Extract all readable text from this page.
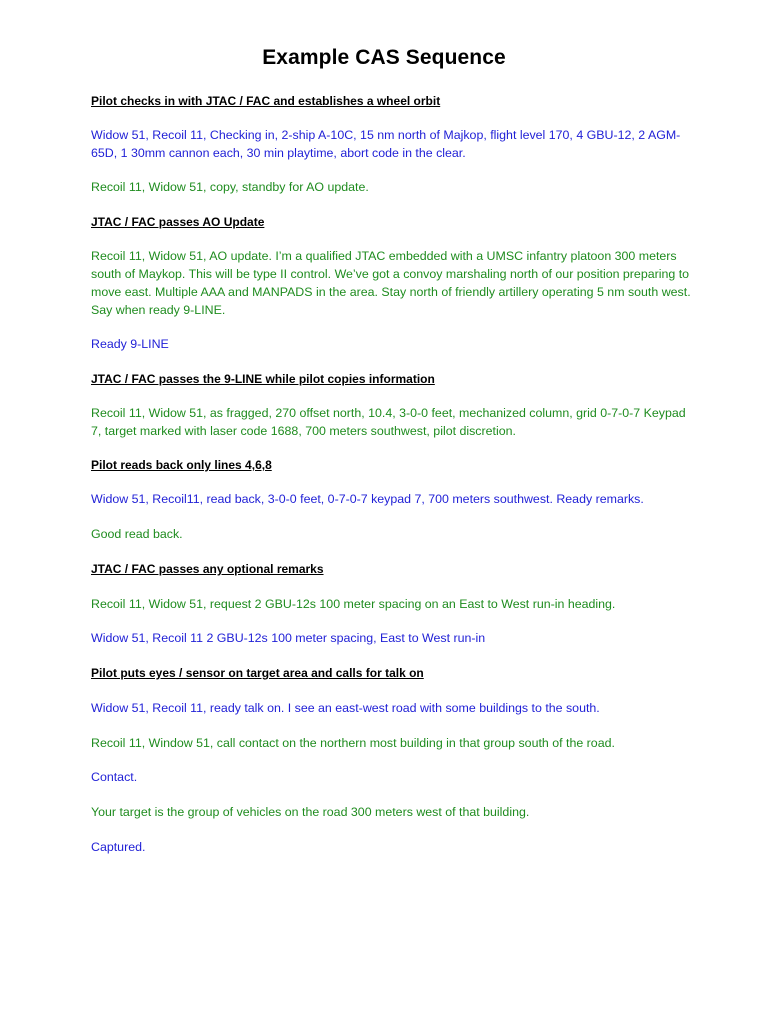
Example CAS Sequence
Pilot checks in with JTAC / FAC and establishes a wheel orbit
Widow 51, Recoil 11, Checking in, 2-ship A-10C, 15 nm north of Majkop, flight level 170, 4 GBU-12, 2 AGM-65D, 1 30mm cannon each, 30 min playtime, abort code in the clear.
Recoil 11, Widow 51, copy, standby for AO update.
JTAC / FAC passes AO Update
Recoil 11, Widow 51, AO update. I’m a qualified JTAC embedded with a UMSC infantry platoon 300 meters south of Maykop. This will be type II control. We’ve got a convoy marshaling north of our position preparing to move east. Multiple AAA and MANPADS in the area. Stay north of friendly artillery operating 5 nm south west. Say when ready 9-LINE.
Ready 9-LINE
JTAC / FAC passes the 9-LINE while pilot copies information
Recoil 11, Widow 51, as fragged, 270 offset north, 10.4, 3-0-0 feet, mechanized column, grid 0-7-0-7 Keypad 7, target marked with laser code 1688, 700 meters southwest, pilot discretion.
Pilot reads back only lines 4,6,8
Widow 51, Recoil11, read back, 3-0-0 feet, 0-7-0-7 keypad 7, 700 meters southwest. Ready remarks.
Good read back.
JTAC / FAC passes any optional remarks
Recoil 11, Widow 51, request 2 GBU-12s 100 meter spacing on an East to West run-in heading.
Widow 51, Recoil 11 2 GBU-12s 100 meter spacing, East to West run-in
Pilot puts eyes / sensor on target area and calls for talk on
Widow 51, Recoil 11, ready talk on. I see an east-west road with some buildings to the south.
Recoil 11, Window 51, call contact on the northern most building in that group south of the road.
Contact.
Your target is the group of vehicles on the road 300 meters west of that building.
Captured.
